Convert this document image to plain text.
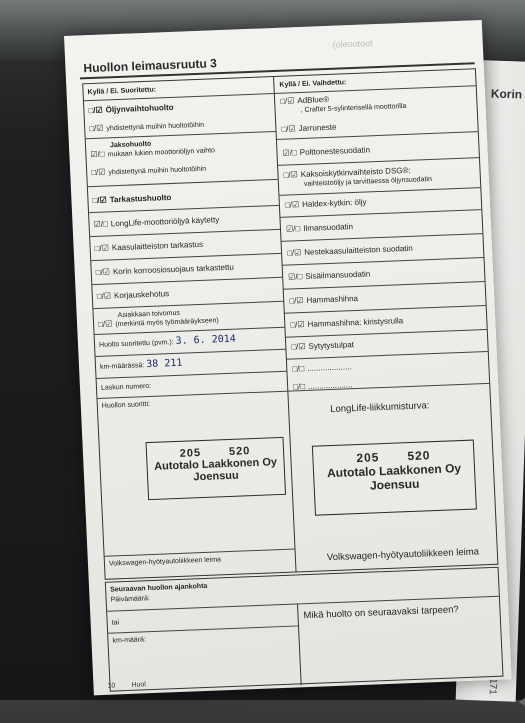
Korin
171
(oleootoot
Huollon leimausruutu 3
Kyllä / Ei. Suoritettu:
Kyllä / Ei. Vaihdettu:
□/☑ Öljynvaihtohuolto
□/☑ yhdistettynä muihin huoltotöihin
Jaksohuolto
☑/□ mukaan lukien moottoriöljyn vaihto
□/☑ yhdistettynä muihin huoltotöihin
□/☑ Tarkastushuolto
☑/□ LongLife-moottoriöljyä käytetty
□/☑ Kaasulaitteiston tarkastus
□/☑ Korin korroosiosuojaus tarkastettu
□/☑ Korjauskehotus
Asiakkaan toivomus
□/☑ (merkintä myös työmääräykseen)
Huolto suoritettu (pvm.): 3. 6. 2014
km-määrässä: 38 211
Laskun numero:
Huollon suoritti:
□/☑ AdBlue®
, Crafter 5-sylinterisellä moottorilla
□/☑ Jarruneste
☑/□ Polttonestesuodatin
□/☑ Kaksoiskytkinvaihteisto DSG®:
vaihteistoöljy ja tarvittaessa öljynsuodatin
□/☑ Haldex-kytkin: öljy
☑/□ Ilmansuodatin
□/☑ Nestekaasulaitteiston suodatin
☑/□ Sisäilmansuodatin
□/☑ Hammashihna
□/☑ Hammashihna: kiristysrulla
□/☑ Sytytystulpat
□/□ ....................
□/□ ....................
LongLife-liikkumisturva:
205 520
Autotalo Laakkonen Oy
Joensuu
205 520
Autotalo Laakkonen Oy
Joensuu
Volkswagen-hyötyautoliikkeen leima	Volkswagen-hyötyautoliikkeen leima
Seuraavan huollon ajankohta
Päivämäärä:
tai
km-määrä:
Mikä huolto on seuraavaksi tarpeen?
10 Huol
